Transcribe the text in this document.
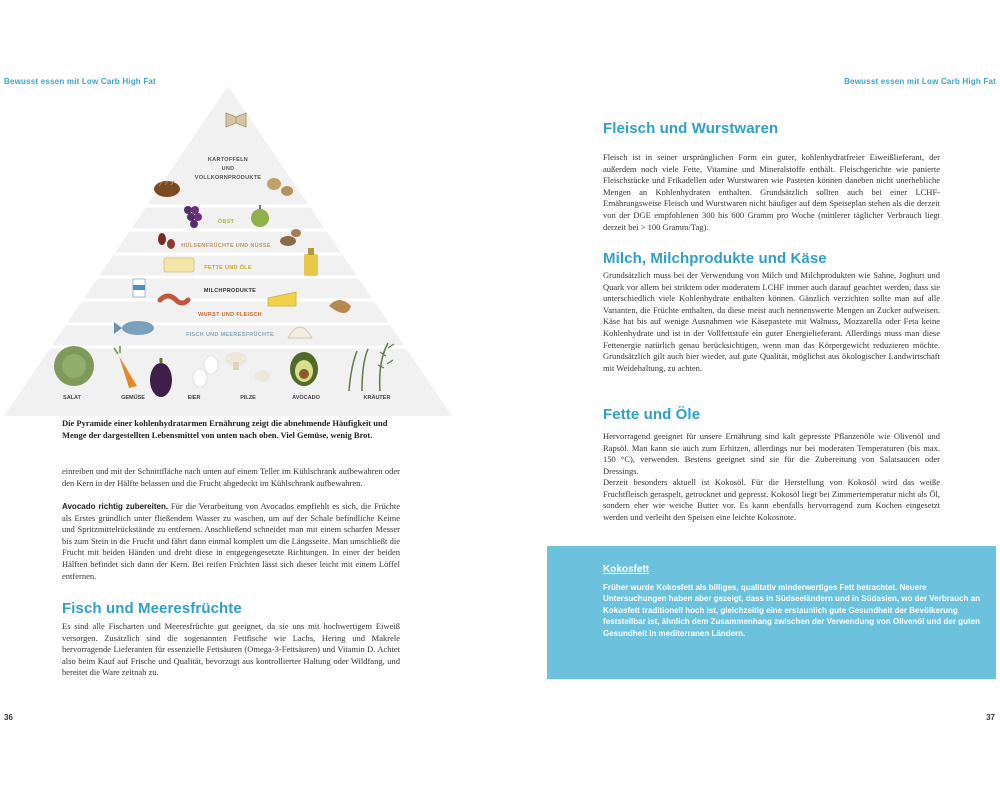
Bewusst essen mit Low Carb High Fat	Bewusst essen mit Low Carb High Fat
KARTOFFELN
UND
VOLLKORNPRODUKTE
OBST
HÜLSENFRÜCHTE UND NÜSSE
FETTE UND ÖLE
MILCHPRODUKTE
WURST UND FLEISCH
FISCH UND MEERESFRÜCHTE
SALAT	GEMÜSE	EIER	PILZE	AVOCADO	KRÄUTER
Die Pyramide einer kohlenhydratarmen Ernährung zeigt die abnehmende Häufigkeit und Menge der dargestellten Lebensmittel von unten nach oben. Viel Gemüse, wenig Brot.

einreiben und mit der Schnittfläche nach unten auf einem Teller im Kühlschrank aufbewahren oder den Kern in der Hälfte belassen und die Frucht abgedeckt im Kühlschrank aufbewahren.

Avocado richtig zubereiten. Für die Verarbeitung von Avocados empfiehlt es sich, die Früchte als Erstes gründlich unter fließendem Wasser zu waschen, um auf der Schale befindliche Keime und Spritzmittelrückstände zu entfernen. Anschließend schneidet man mit einem scharfen Messer bis zum Stein in die Frucht und fährt dann einmal komplett um die Längsseite. Man umschließt die Frucht mit beiden Händen und dreht diese in entgegengesetzte Richtungen. In einer der beiden Hälften befindet sich dann der Kern. Bei reifen Früchten lässt sich dieser leicht mit einem Löffel entfernen.

Fisch und Meeresfrüchte

Es sind alle Fischarten und Meeresfrüchte gut geeignet, da sie uns mit hochwertigem Eiweiß versorgen. Zusätzlich sind die sogenannten Fettfische wie Lachs, Hering und Makrele hervorragende Lieferanten für essenzielle Fettsäuren (Omega-3-Fettsäuren) und Vitamin D. Achtet also beim Kauf auf Frische und Qualität, bevorzugt aus kontrollierter Haltung oder Wildfang, und bereitet die Ware zeitnah zu.

36
Fleisch und Wurstwaren

Fleisch ist in seiner ursprünglichen Form ein guter, kohlenhydratfreier Eiweißlieferant, der außerdem noch viele Fette, Vitamine und Mineralstoffe enthält. Fleischgerichte wie panierte Fleischstücke und Frikadellen oder Wurstwaren wie Pasteten können daneben nicht unerhebliche Mengen an Kohlenhydraten enthalten. Grundsätzlich sollten auch bei einer LCHF-Ernährungsweise Fleisch und Wurstwaren nicht häufiger auf dem Speiseplan stehen als die derzeit von der DGE empfohlenen 300 bis 600 Gramm pro Woche (mittlerer täglicher Verbrauch liegt derzeit bei > 100 Gramm/Tag).

Milch, Milchprodukte und Käse

Grundsätzlich muss bei der Verwendung von Milch und Milchprodukten wie Sahne, Joghurt und Quark vor allem bei striktem oder moderatem LCHF immer auch darauf geachtet werden, dass sie unterschiedlich viele Kohlenhydrate enthalten können. Gänzlich verzichten sollte man auf alle Varianten, die Früchte enthalten, da diese meist auch nennenswerte Mengen an Zucker aufweisen. Käse hat bis auf wenige Ausnahmen wie Käsepastete mit Walnuss, Mozzarella oder Feta keine Kohlenhydrate und ist in der Vollfettstufe ein guter Energielieferant. Allerdings muss man diese Fettenergie natürlich genau berücksichtigen, wenn man das Körpergewicht reduzieren möchte. Grundsätzlich gilt auch hier wieder, auf gute Qualität, möglichst aus ökologischer Landwirtschaft mit Weidehaltung, zu achten.

Fette und Öle

Hervorragend geeignet für unsere Ernährung sind kalt gepresste Pflanzenöle wie Olivenöl und Rapsöl. Man kann sie auch zum Erhitzen, allerdings nur bei moderaten Temperaturen (bis max. 150 °C), verwenden. Bestens geeignet sind sie für die Zubereitung von Salatsaucen oder Dressings.

Derzeit besonders aktuell ist Kokosöl. Für die Herstellung von Kokosöl wird das weiße Fruchtfleisch geraspelt, getrocknet und gepresst. Kokosöl liegt bei Zimmertemperatur nicht als Öl, sondern eher wie weiche Butter vor. Es kann ebenfalls hervorragend zum Kochen eingesetzt werden und verleiht den Speisen eine leichte Kokosnote.

Kokosfett
Früher wurde Kokosfett als billiges, qualitativ minderwertiges Fett betrachtet. Neuere Untersuchungen haben aber gezeigt, dass in Südseeländern und in Südasien, wo der Verbrauch an Kokosfett traditionell hoch ist, gleichzeitig eine erstaunlich gute Gesundheit der Bevölkerung feststellbar ist, ähnlich dem Zusammenhang zwischen der Verwendung von Olivenöl und der guten Gesundheit in mediterranen Ländern.
37
